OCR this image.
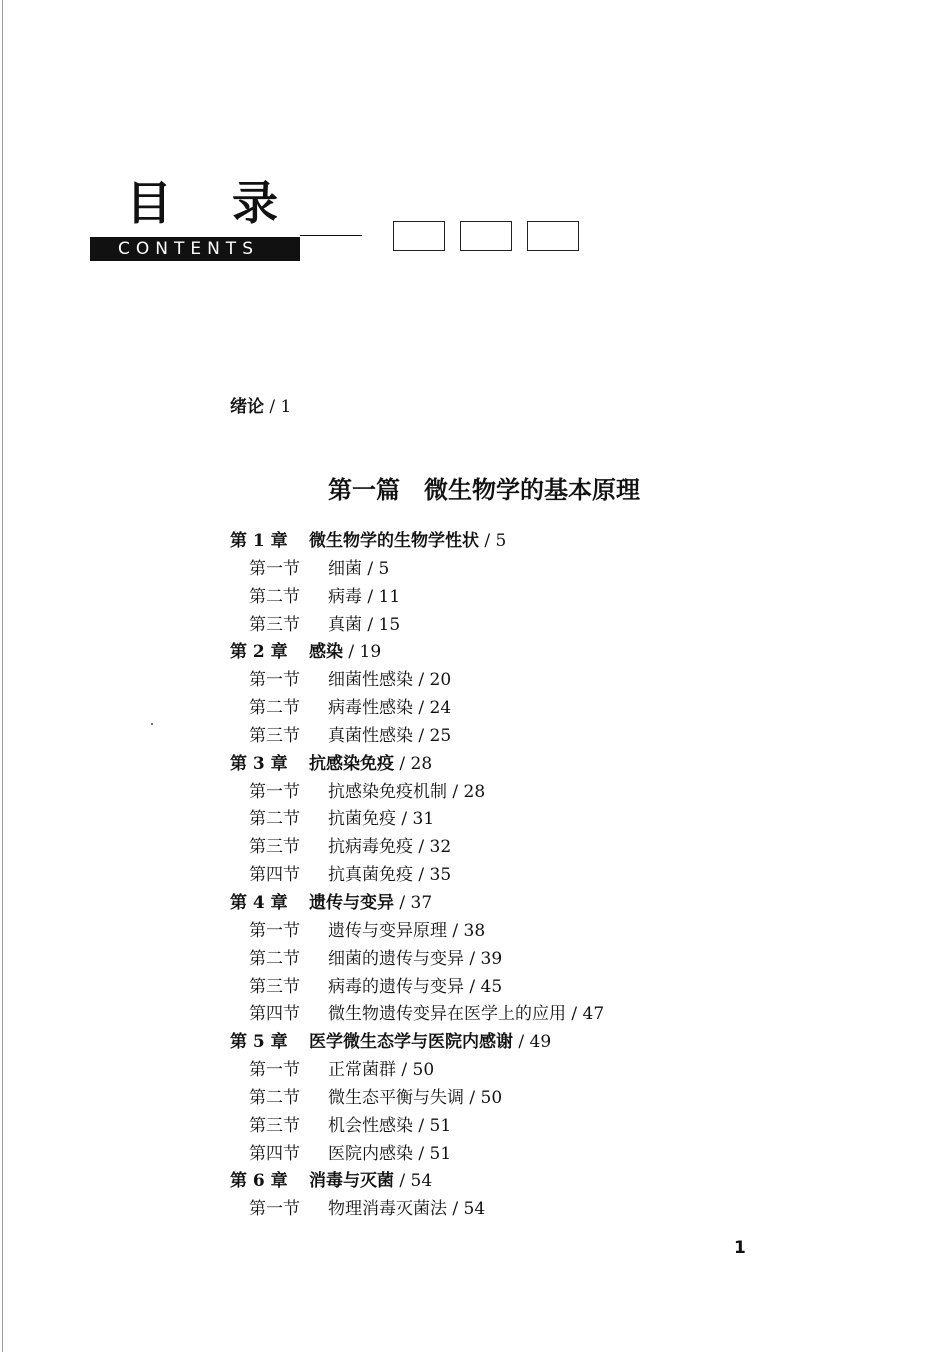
目 录
CONTENTS
绪论 / 1
第一篇　微生物学的基本原理
第 1 章 微生物学的生物学性状 / 5
第一节 细菌 / 5
第二节 病毒 / 11
第三节 真菌 / 15
第 2 章 感染 / 19
第一节 细菌性感染 / 20
第二节 病毒性感染 / 24
第三节 真菌性感染 / 25
第 3 章 抗感染免疫 / 28
第一节 抗感染免疫机制 / 28
第二节 抗菌免疫 / 31
第三节 抗病毒免疫 / 32
第四节 抗真菌免疫 / 35
第 4 章 遗传与变异 / 37
第一节 遗传与变异原理 / 38
第二节 细菌的遗传与变异 / 39
第三节 病毒的遗传与变异 / 45
第四节 微生物遗传变异在医学上的应用 / 47
第 5 章 医学微生态学与医院内感谢 / 49
第一节 正常菌群 / 50
第二节 微生态平衡与失调 / 50
第三节 机会性感染 / 51
第四节 医院内感染 / 51
第 6 章 消毒与灭菌 / 54
第一节 物理消毒灭菌法 / 54
1
